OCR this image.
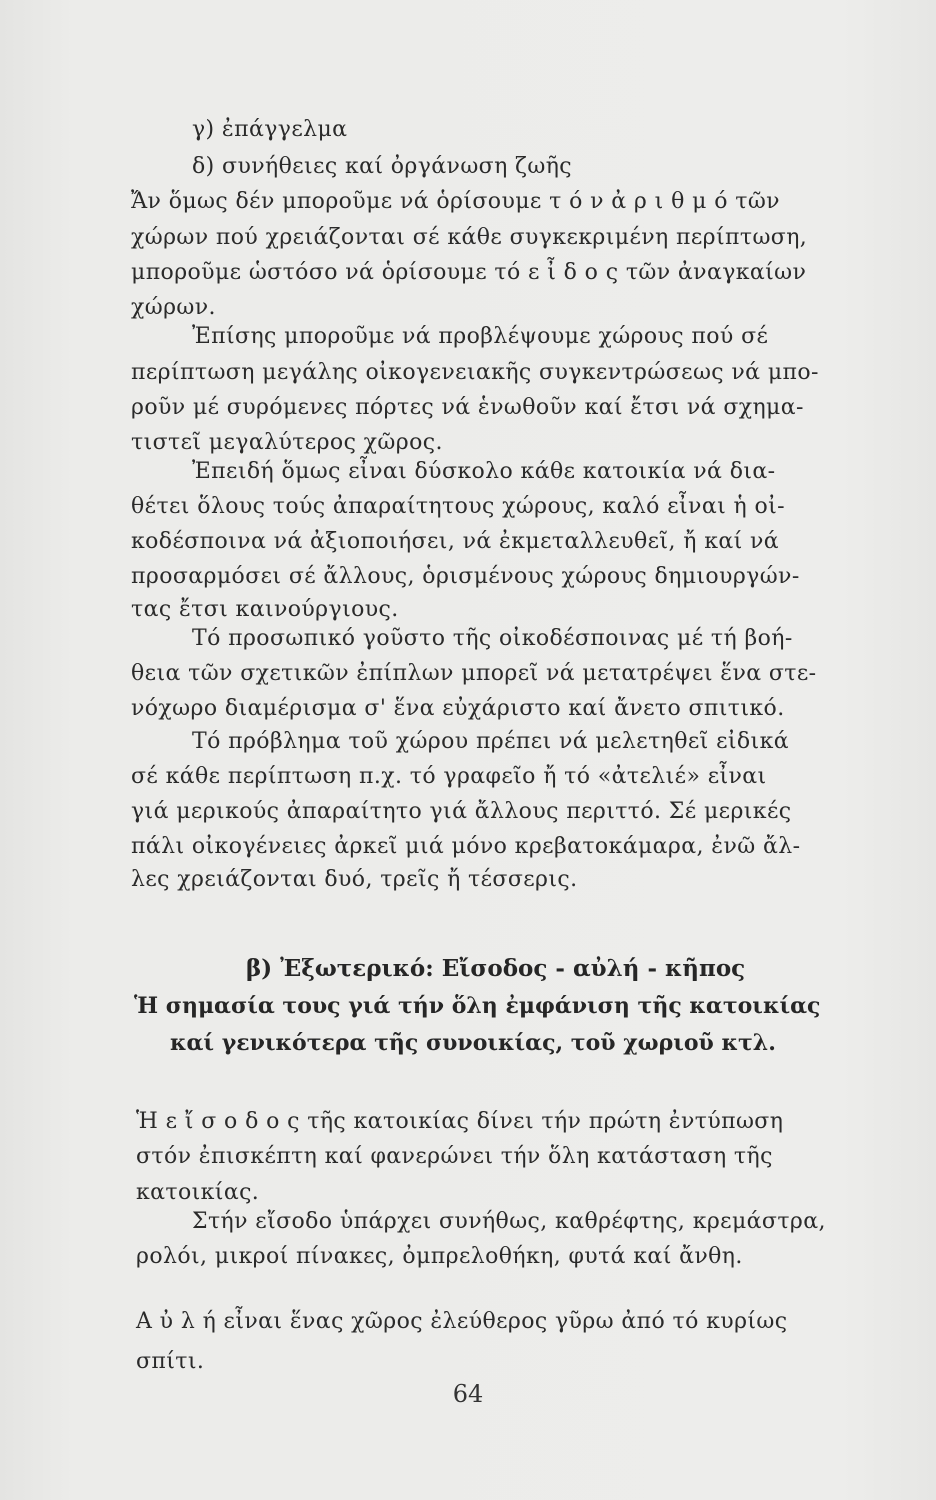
γ) ἐπάγγελμα
δ) συνήθειες καί ὀργάνωση ζωῆς
Ἄν ὅμως δέν μποροῦμε νά ὁρίσουμε τ ό ν ἀ ρ ι θ μ ό τῶν
χώρων πού χρειάζονται σέ κάθε συγκεκριμένη περίπτωση,
μποροῦμε ὡστόσο νά ὁρίσουμε τό ε ἶ δ ο ς τῶν ἀναγκαίων
χώρων.
Ἐπίσης μποροῦμε νά προβλέψουμε χώρους πού σέ
περίπτωση μεγάλης οἰκογενειακῆς συγκεντρώσεως νά μπο-
ροῦν μέ συρόμενες πόρτες νά ἑνωθοῦν καί ἔτσι νά σχημα-
τιστεῖ μεγαλύτερος χῶρος.
Ἐπειδή ὅμως εἶναι δύσκολο κάθε κατοικία νά δια-
θέτει ὅλους τούς ἀπαραίτητους χώρους, καλό εἶναι ἡ οἰ-
κοδέσποινα νά ἀξιοποιήσει, νά ἐκμεταλλευθεῖ, ἤ καί νά
προσαρμόσει σέ ἄλλους, ὁρισμένους χώρους δημιουργών-
τας ἔτσι καινούργιους.
Τό προσωπικό γοῦστο τῆς οἰκοδέσποινας μέ τή βοή-
θεια τῶν σχετικῶν ἐπίπλων μπορεῖ νά μετατρέψει ἕνα στε-
νόχωρο διαμέρισμα σ' ἕνα εὐχάριστο καί ἄνετο σπιτικό.
Τό πρόβλημα τοῦ χώρου πρέπει νά μελετηθεῖ εἰδικά
σέ κάθε περίπτωση π.χ. τό γραφεῖο ἤ τό «ἀτελιέ» εἶναι
γιά μερικούς ἀπαραίτητο γιά ἄλλους περιττό. Σέ μερικές
πάλι οἰκογένειες ἀρκεῖ μιά μόνο κρεβατοκάμαρα, ἐνῶ ἄλ-
λες χρειάζονται δυό, τρεῖς ἤ τέσσερις.
β) Ἐξωτερικό: Εἴσοδος - αὐλή - κῆπος
Ἡ σημασία τους γιά τήν ὅλη ἐμφάνιση τῆς κατοικίας
καί γενικότερα τῆς συνοικίας, τοῦ χωριοῦ κτλ.
Ἡ ε ἴ σ ο δ ο ς τῆς κατοικίας δίνει τήν πρώτη ἐντύπωση
στόν ἐπισκέπτη καί φανερώνει τήν ὅλη κατάσταση τῆς
κατοικίας.
Στήν εἴσοδο ὑπάρχει συνήθως, καθρέφτης, κρεμάστρα,
ρολόι, μικροί πίνακες, ὀμπρελοθήκη, φυτά καί ἄνθη.
Α ὐ λ ή εἶναι ἕνας χῶρος ἐλεύθερος γῦρω ἀπό τό κυρίως
σπίτι.
64
